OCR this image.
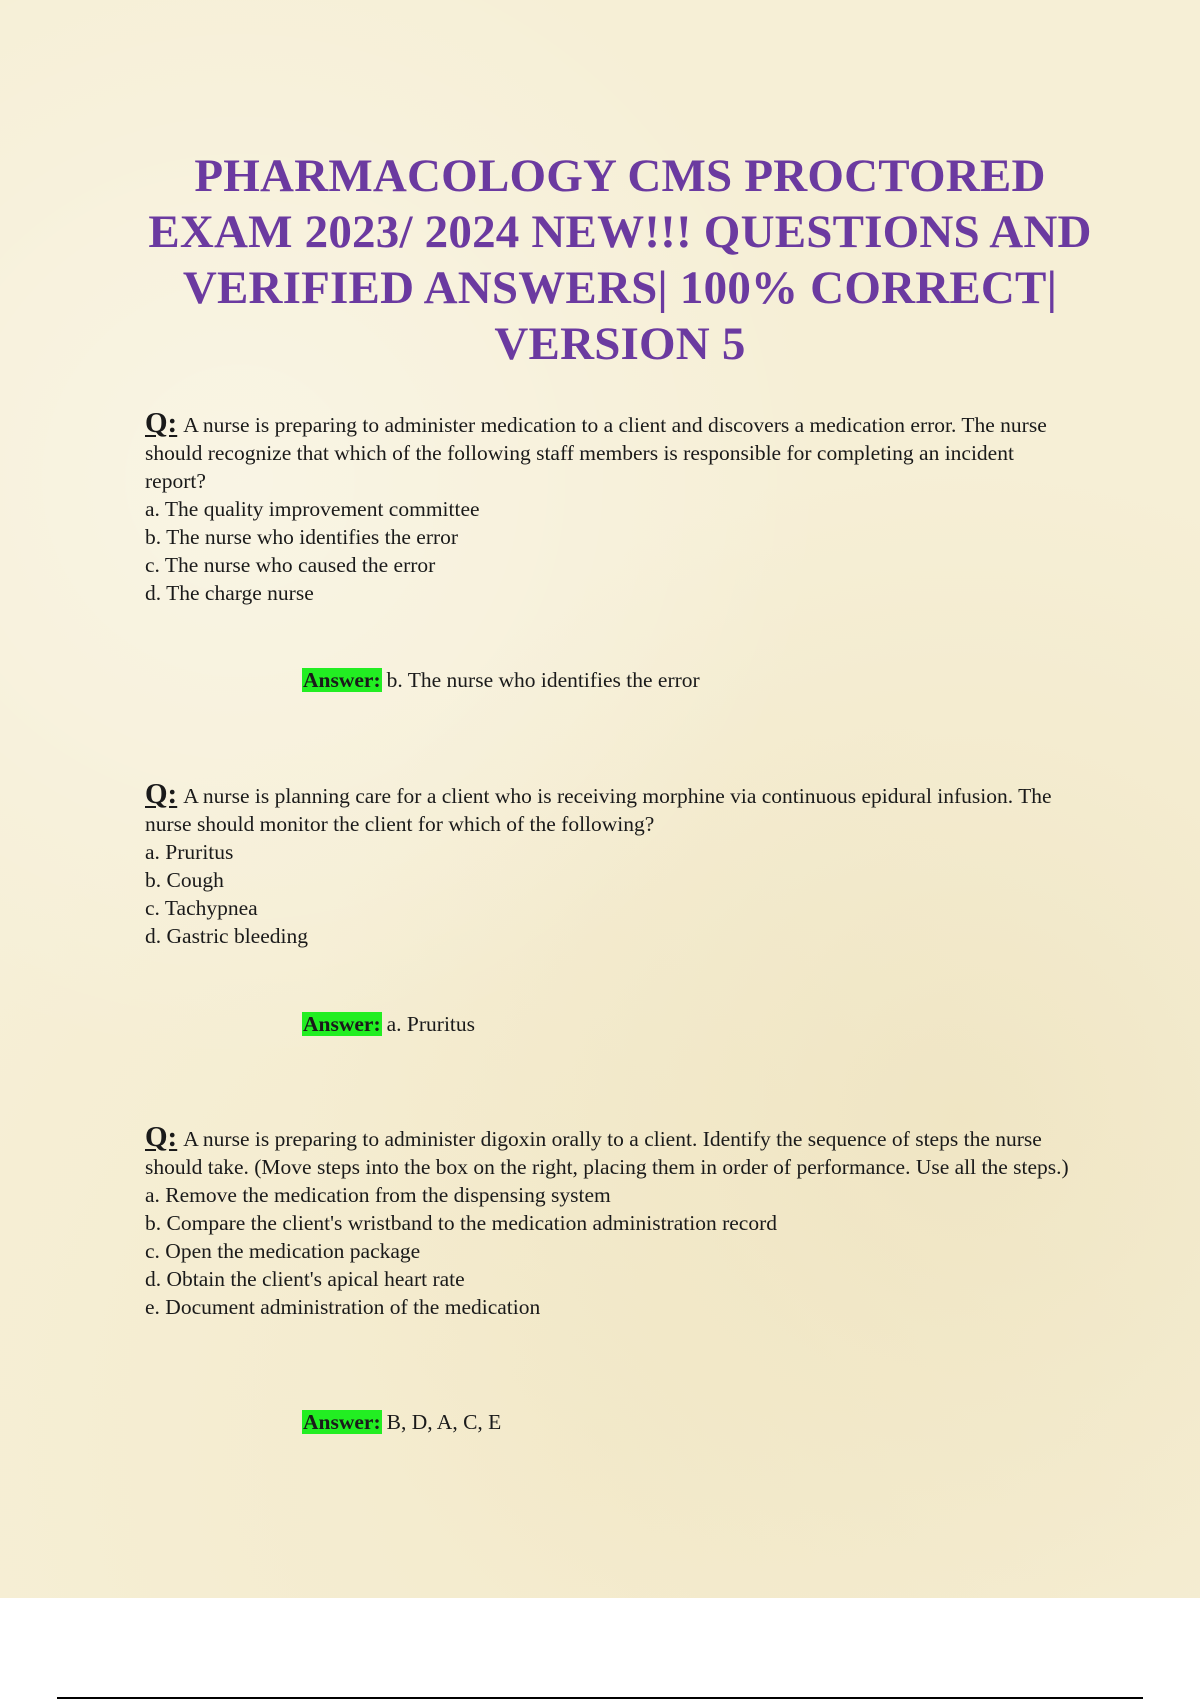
PHARMACOLOGY CMS PROCTORED EXAM 2023/ 2024 NEW!!! QUESTIONS AND VERIFIED ANSWERS| 100% CORRECT| VERSION 5

Q: A nurse is preparing to administer medication to a client and discovers a medication error. The nurse should recognize that which of the following staff members is responsible for completing an incident report?

a. The quality improvement committee
b. The nurse who identifies the error
c. The nurse who caused the error
d. The charge nurse
Answer: b. The nurse who identifies the error

Q: A nurse is planning care for a client who is receiving morphine via continuous epidural infusion. The nurse should monitor the client for which of the following?

a. Pruritus
b. Cough
c. Tachypnea
d. Gastric bleeding
Answer: a. Pruritus

Q: A nurse is preparing to administer digoxin orally to a client. Identify the sequence of steps the nurse should take. (Move steps into the box on the right, placing them in order of performance. Use all the steps.)

a. Remove the medication from the dispensing system
b. Compare the client's wristband to the medication administration record
c. Open the medication package
d. Obtain the client's apical heart rate
e. Document administration of the medication
Answer: B, D, A, C, E
